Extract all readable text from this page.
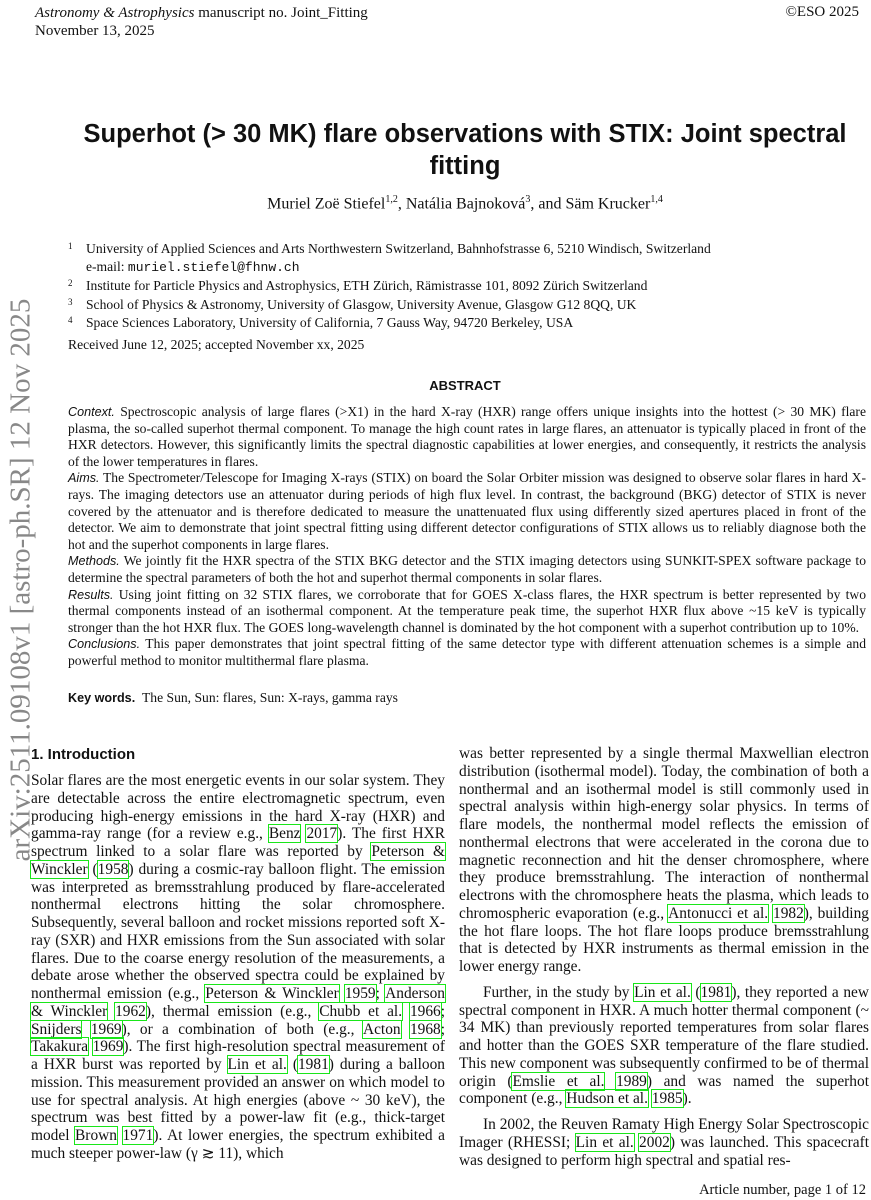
Astronomy & Astrophysics manuscript no. Joint_Fitting
November 13, 2025
©ESO 2025
arXiv:2511.09108v1 [astro-ph.SR] 12 Nov 2025
Superhot (> 30 MK) flare observations with STIX: Joint spectral fitting
Muriel Zoë Stiefel$^{1,2}$, Natália Bajnoková$^3$, and Säm Krucker$^{1,4}$
1 University of Applied Sciences and Arts Northwestern Switzerland, Bahnhofstrasse 6, 5210 Windisch, Switzerland
e-mail: muriel.stiefel@fhnw.ch
2 Institute for Particle Physics and Astrophysics, ETH Zürich, Rämistrasse 101, 8092 Zürich Switzerland
3 School of Physics & Astronomy, University of Glasgow, University Avenue, Glasgow G12 8QQ, UK
4 Space Sciences Laboratory, University of California, 7 Gauss Way, 94720 Berkeley, USA
Received June 12, 2025; accepted November xx, 2025
ABSTRACT

Context. Spectroscopic analysis of large flares (>X1) in the hard X-ray (HXR) range offers unique insights into the hottest (> 30 MK) flare plasma, the so-called superhot thermal component. To manage the high count rates in large flares, an attenuator is typically placed in front of the HXR detectors. However, this significantly limits the spectral diagnostic capabilities at lower energies, and consequently, it restricts the analysis of the lower temperatures in flares.

Aims. The Spectrometer/Telescope for Imaging X-rays (STIX) on board the Solar Orbiter mission was designed to observe solar flares in hard X-rays. The imaging detectors use an attenuator during periods of high flux level. In contrast, the background (BKG) detector of STIX is never covered by the attenuator and is therefore dedicated to measure the unattenuated flux using differently sized apertures placed in front of the detector. We aim to demonstrate that joint spectral fitting using different detector configurations of STIX allows us to reliably diagnose both the hot and the superhot components in large flares.

Methods. We jointly fit the HXR spectra of the STIX BKG detector and the STIX imaging detectors using SUNKIT-SPEX software package to determine the spectral parameters of both the hot and superhot thermal components in solar flares.

Results. Using joint fitting on 32 STIX flares, we corroborate that for GOES X-class flares, the HXR spectrum is better represented by two thermal components instead of an isothermal component. At the temperature peak time, the superhot HXR flux above ~15 keV is typically stronger than the hot HXR flux. The GOES long-wavelength channel is dominated by the hot component with a superhot contribution up to 10%.

Conclusions. This paper demonstrates that joint spectral fitting of the same detector type with different attenuation schemes is a simple and powerful method to monitor multithermal flare plasma.

Key words. The Sun, Sun: flares, Sun: X-rays, gamma rays
1. Introduction

Solar flares are the most energetic events in our solar system. They are detectable across the entire electromagnetic spectrum, even producing high-energy emissions in the hard X-ray (HXR) and gamma-ray range (for a review e.g., Benz 2017). The first HXR spectrum linked to a solar flare was reported by Peterson & Winckler (1958) during a cosmic-ray balloon flight. The emission was interpreted as bremsstrahlung produced by flare-accelerated nonthermal electrons hitting the solar chromosphere. Subsequently, several balloon and rocket missions reported soft X-ray (SXR) and HXR emissions from the Sun associated with solar flares. Due to the coarse energy resolution of the measurements, a debate arose whether the observed spectra could be explained by nonthermal emission (e.g., Peterson & Winckler 1959; Anderson & Winckler 1962), thermal emission (e.g., Chubb et al. 1966; Snijders 1969), or a combination of both (e.g., Acton 1968; Takakura 1969). The first high-resolution spectral measurement of a HXR burst was reported by Lin et al. (1981) during a balloon mission. This measurement provided an answer on which model to use for spectral analysis. At high energies (above ~ 30 keV), the spectrum was best fitted by a power-law fit (e.g., thick-target model Brown 1971). At lower energies, the spectrum exhibited a much steeper power-law (γ ≳ 11), which

was better represented by a single thermal Maxwellian electron distribution (isothermal model). Today, the combination of both a nonthermal and an isothermal model is still commonly used in spectral analysis within high-energy solar physics. In terms of flare models, the nonthermal model reflects the emission of nonthermal electrons that were accelerated in the corona due to magnetic reconnection and hit the denser chromosphere, where they produce bremsstrahlung. The interaction of nonthermal electrons with the chromosphere heats the plasma, which leads to chromospheric evaporation (e.g., Antonucci et al. 1982), building the hot flare loops. The hot flare loops produce bremsstrahlung that is detected by HXR instruments as thermal emission in the lower energy range.

Further, in the study by Lin et al. (1981), they reported a new spectral component in HXR. A much hotter thermal component (~ 34 MK) than previously reported temperatures from solar flares and hotter than the GOES SXR temperature of the flare studied. This new component was subsequently confirmed to be of thermal origin (Emslie et al. 1989) and was named the superhot component (e.g., Hudson et al. 1985).

In 2002, the Reuven Ramaty High Energy Solar Spectroscopic Imager (RHESSI; Lin et al. 2002) was launched. This spacecraft was designed to perform high spectral and spatial res-

Article number, page 1 of 12
